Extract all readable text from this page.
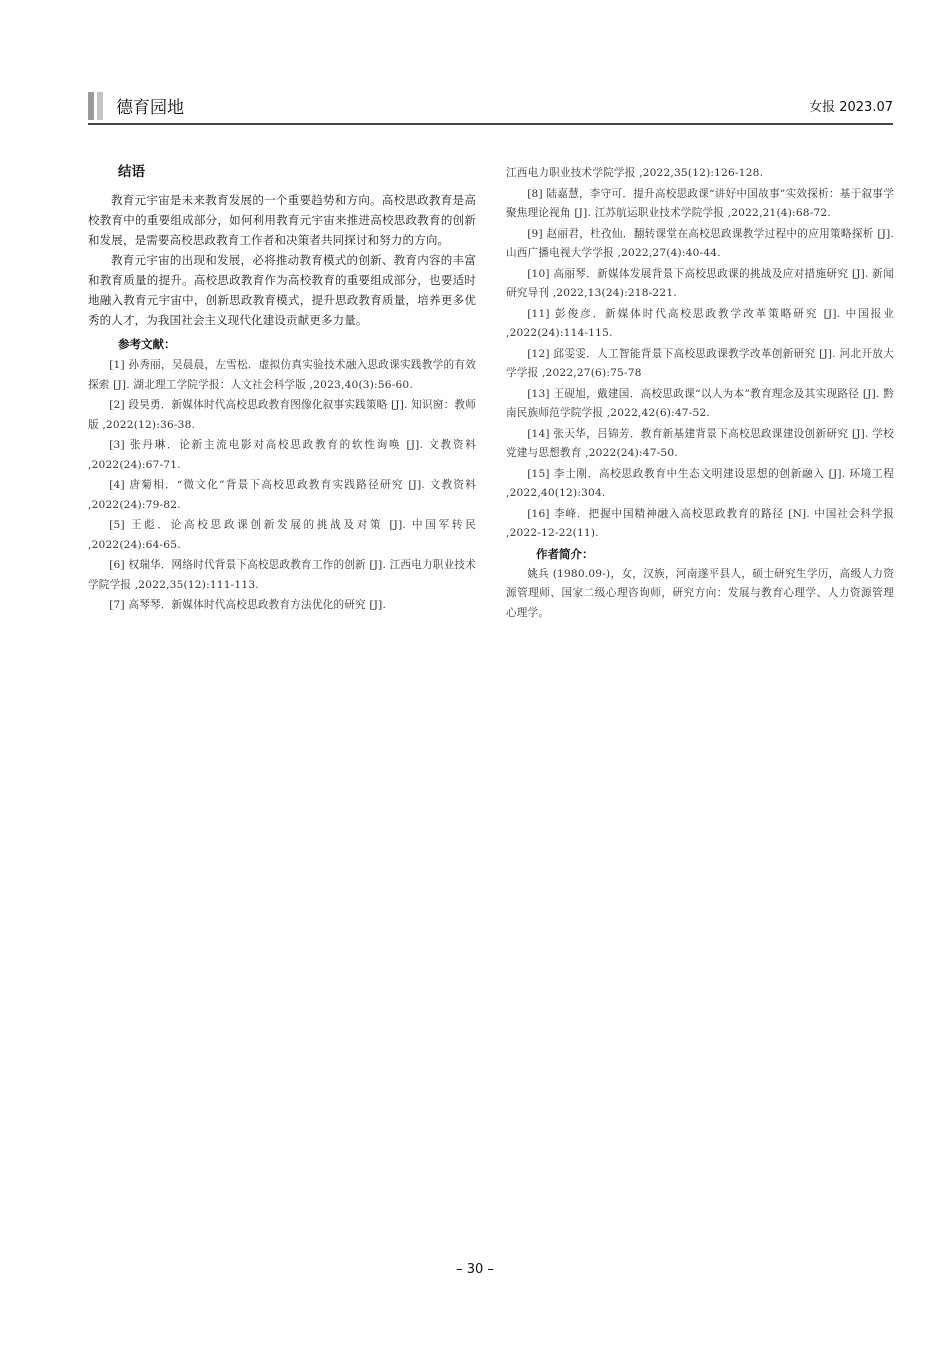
德育园地	女报 2023.07
结语

教育元宇宙是未来教育发展的一个重要趋势和方向。高校思政教育是高校教育中的重要组成部分，如何利用教育元宇宙来推进高校思政教育的创新和发展，是需要高校思政教育工作者和决策者共同探讨和努力的方向。

教育元宇宙的出现和发展，必将推动教育模式的创新、教育内容的丰富和教育质量的提升。高校思政教育作为高校教育的重要组成部分，也要适时地融入教育元宇宙中，创新思政教育模式，提升思政教育质量，培养更多优秀的人才，为我国社会主义现代化建设贡献更多力量。

参考文献：

[1] 孙秀丽，吴晨晨，左雪松．虚拟仿真实验技术融入思政课实践教学的有效探索 [J]. 湖北理工学院学报：人文社会科学版 ,2023,40(3):56-60.

[2] 段昊勇．新媒体时代高校思政教育图像化叙事实践策略 [J]. 知识窗：教师版 ,2022(12):36-38.

[3] 张丹琳．论新主流电影对高校思政教育的软性询唤 [J]. 文教资料 ,2022(24):67-71.

[4] 唐菊相．“微文化”背景下高校思政教育实践路径研究 [J]. 文教资料 ,2022(24):79-82.

[5] 王彪．论高校思政课创新发展的挑战及对策 [J]. 中国军转民 ,2022(24):64-65.

[6] 权瑞华．网络时代背景下高校思政教育工作的创新 [J]. 江西电力职业技术学院学报 ,2022,35(12):111-113.

[7] 高琴琴．新媒体时代高校思政教育方法优化的研究 [J].

江西电力职业技术学院学报 ,2022,35(12):126-128.

[8] 陆嘉慧，李守可．提升高校思政课“讲好中国故事”实效探析：基于叙事学聚焦理论视角 [J]. 江苏航运职业技术学院学报 ,2022,21(4):68-72.

[9] 赵丽君，杜孜仙．翻转课堂在高校思政课教学过程中的应用策略探析 [J]. 山西广播电视大学学报 ,2022,27(4):40-44.

[10] 高丽琴．新媒体发展背景下高校思政课的挑战及应对措施研究 [J]. 新闻研究导刊 ,2022,13(24):218-221.

[11] 彭俊彦．新媒体时代高校思政教学改革策略研究 [J]. 中国报业 ,2022(24):114-115.

[12] 邱雯雯．人工智能背景下高校思政课教学改革创新研究 [J]. 河北开放大学学报 ,2022,27(6):75-78

[13] 王砚旭，戴建国．高校思政课“以人为本”教育理念及其实现路径 [J]. 黔南民族师范学院学报 ,2022,42(6):47-52.

[14] 张天华，吕锦芳．教育新基建背景下高校思政课建设创新研究 [J]. 学校党建与思想教育 ,2022(24):47-50.

[15] 李士刚．高校思政教育中生态文明建设思想的创新融入 [J]. 环境工程 ,2022,40(12):304.

[16] 李峰．把握中国精神融入高校思政教育的路径 [N]. 中国社会科学报 ,2022-12-22(11).

作者简介：

姚兵 (1980.09-)，女，汉族，河南遂平县人，硕士研究生学历，高级人力资源管理师、国家二级心理咨询师，研究方向：发展与教育心理学、人力资源管理心理学。

– 30 –
